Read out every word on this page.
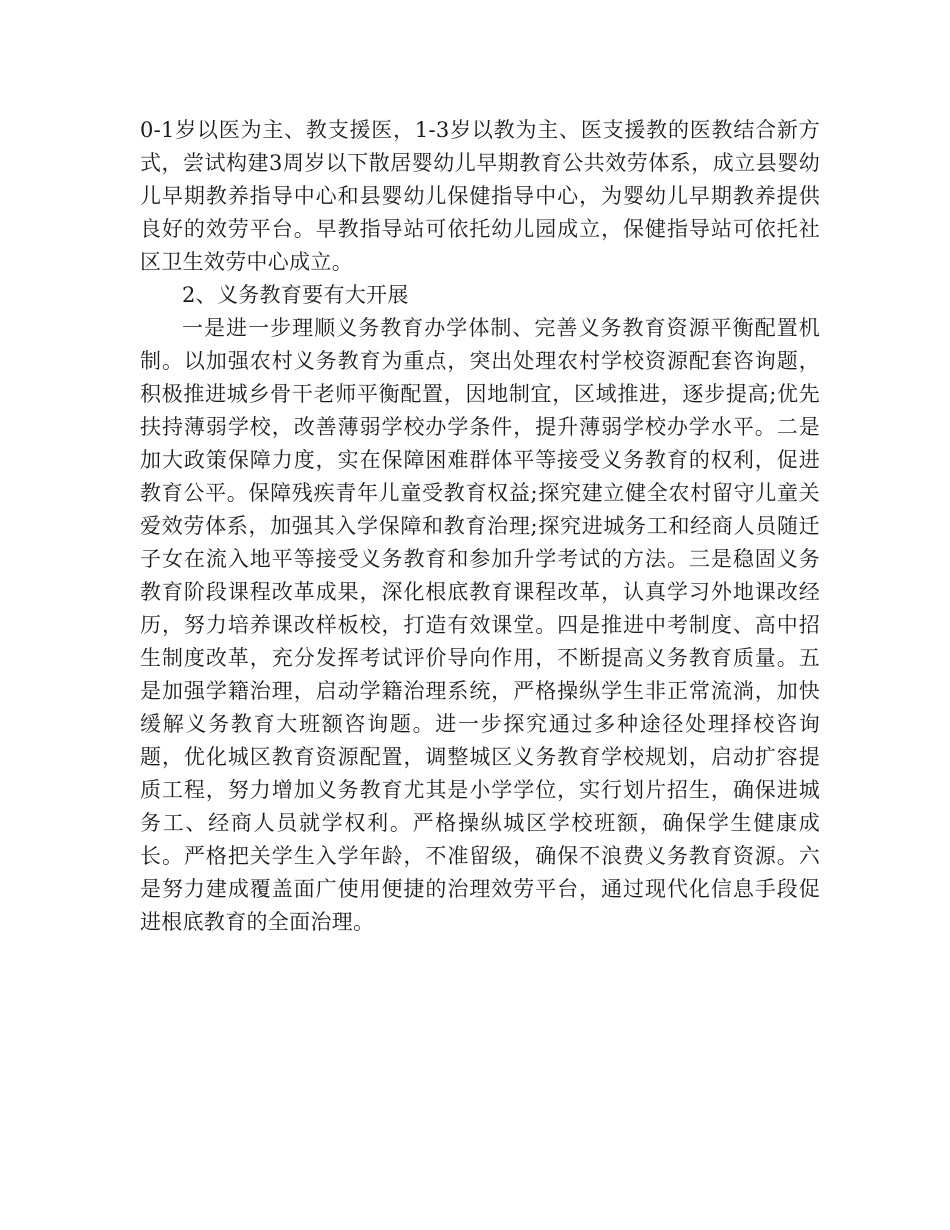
0-1岁以医为主、教支援医，1-3岁以教为主、医支援教的医教结合新方式，尝试构建3周岁以下散居婴幼儿早期教育公共效劳体系，成立县婴幼儿早期教养指导中心和县婴幼儿保健指导中心，为婴幼儿早期教养提供良好的效劳平台。早教指导站可依托幼儿园成立，保健指导站可依托社区卫生效劳中心成立。

2、义务教育要有大开展

一是进一步理顺义务教育办学体制、完善义务教育资源平衡配置机制。以加强农村义务教育为重点，突出处理农村学校资源配套咨询题，积极推进城乡骨干老师平衡配置，因地制宜，区域推进，逐步提高;优先扶持薄弱学校，改善薄弱学校办学条件，提升薄弱学校办学水平。二是加大政策保障力度，实在保障困难群体平等接受义务教育的权利，促进教育公平。保障残疾青年儿童受教育权益;探究建立健全农村留守儿童关爱效劳体系，加强其入学保障和教育治理;探究进城务工和经商人员随迁子女在流入地平等接受义务教育和参加升学考试的方法。三是稳固义务教育阶段课程改革成果，深化根底教育课程改革，认真学习外地课改经历，努力培养课改样板校，打造有效课堂。四是推进中考制度、高中招生制度改革，充分发挥考试评价导向作用，不断提高义务教育质量。五是加强学籍治理，启动学籍治理系统，严格操纵学生非正常流淌，加快缓解义务教育大班额咨询题。进一步探究通过多种途径处理择校咨询题，优化城区教育资源配置，调整城区义务教育学校规划，启动扩容提质工程，努力增加义务教育尤其是小学学位，实行划片招生，确保进城务工、经商人员就学权利。严格操纵城区学校班额，确保学生健康成长。严格把关学生入学年龄，不准留级，确保不浪费义务教育资源。六是努力建成覆盖面广使用便捷的治理效劳平台，通过现代化信息手段促进根底教育的全面治理。
